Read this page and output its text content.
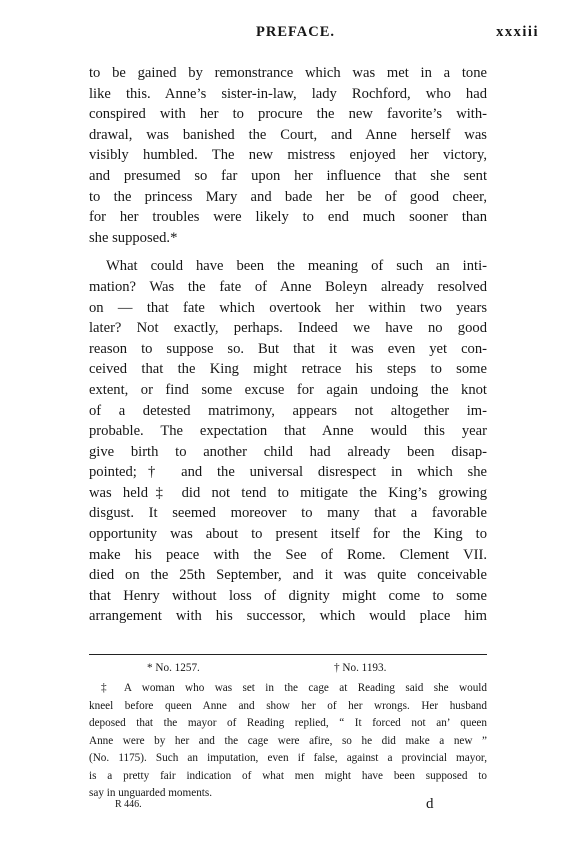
PREFACE.	xxxiii
to be gained by remonstrance which was met in a tone
like this. Anne’s sister-in-law, lady Rochford, who had
conspired with her to procure the new favorite’s with-
drawal, was banished the Court, and Anne herself was
visibly humbled. The new mistress enjoyed her victory,
and presumed so far upon her influence that she sent
to the princess Mary and bade her be of good cheer,
for her troubles were likely to end much sooner than
she supposed.*
What could have been the meaning of such an inti-
mation? Was the fate of Anne Boleyn already resolved
on — that fate which overtook her within two years
later? Not exactly, perhaps. Indeed we have no good
reason to suppose so. But that it was even yet con-
ceived that the King might retrace his steps to some
extent, or find some excuse for again undoing the knot
of a detested matrimony, appears not altogether im-
probable. The expectation that Anne would this year
give birth to another child had already been disap-
pointed;† and the universal disrespect in which she
was held‡ did not tend to mitigate the King’s growing
disgust. It seemed moreover to many that a favorable
opportunity was about to present itself for the King to
make his peace with the See of Rome. Clement VII.
died on the 25th September, and it was quite conceivable
that Henry without loss of dignity might come to some
arrangement with his successor, which would place him
* No. 1257.	† No. 1193.
‡ A woman who was set in the cage at Reading said she would
kneel before queen Anne and show her of her wrongs. Her husband
deposed that the mayor of Reading replied, “ It forced not an’ queen
Anne were by her and the cage were afire, so he did make a new ”
(No. 1175). Such an imputation, even if false, against a provincial mayor,
is a pretty fair indication of what men might have been supposed to
say in unguarded moments.
R 446.	d
